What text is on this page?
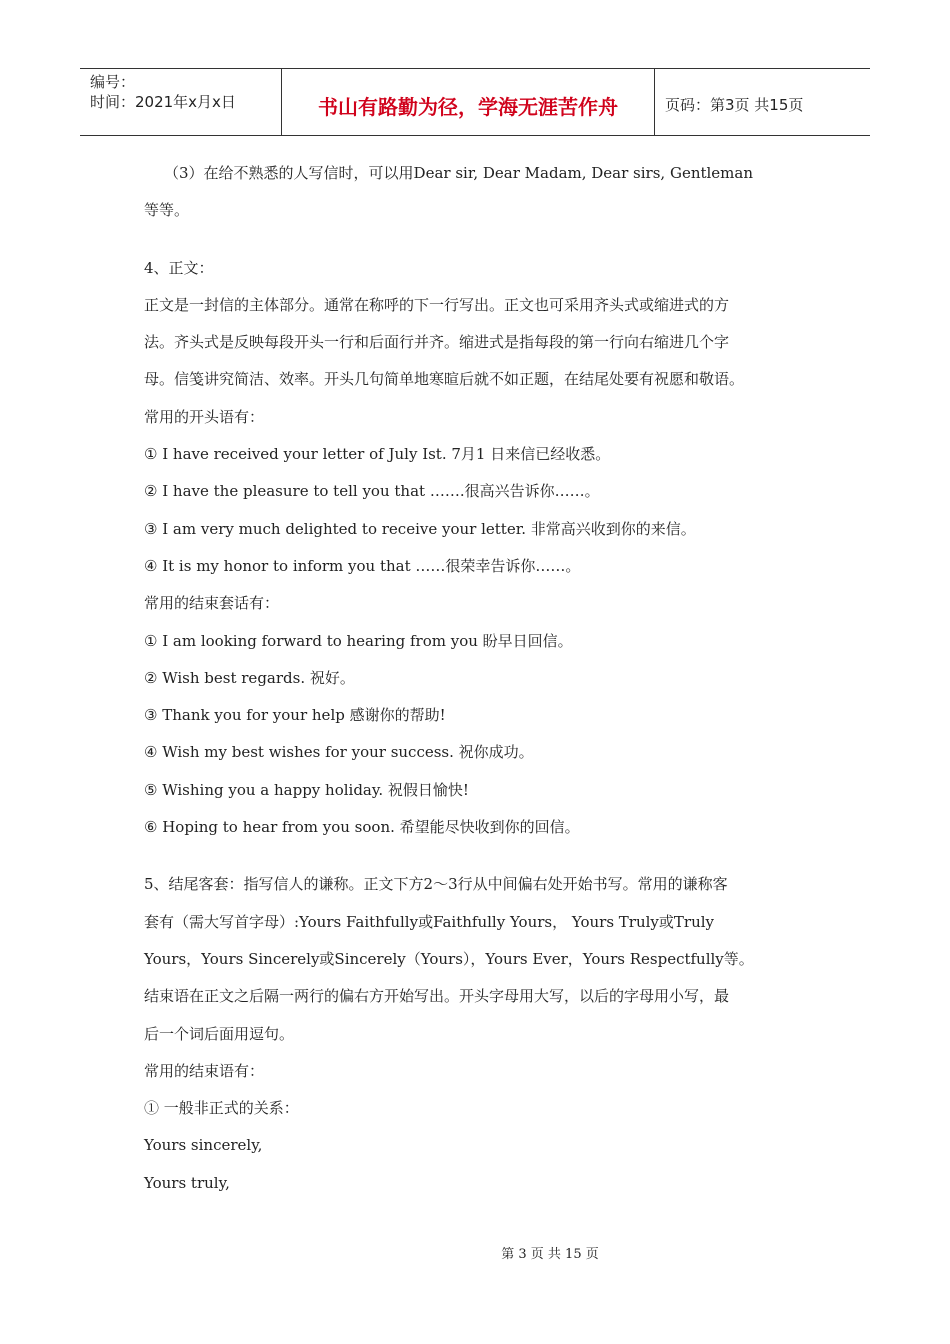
编号：
时间：2021年x月x日	书山有路勤为径，学海无涯苦作舟	页码：第3页 共15页
（3）在给不熟悉的人写信时，可以用Dear sir, Dear Madam, Dear sirs, Gentleman
等等。
4、正文：
正文是一封信的主体部分。通常在称呼的下一行写出。正文也可采用齐头式或缩进式的方
法。齐头式是反映每段开头一行和后面行并齐。缩进式是指每段的第一行向右缩进几个字
母。信笺讲究简洁、效率。开头几句简单地寒暄后就不如正题，在结尾处要有祝愿和敬语。
常用的开头语有：
① I have received your letter of July Ist. 7月1 日来信已经收悉。
② I have the pleasure to tell you that …….很高兴告诉你……。
③ I am very much delighted to receive your letter. 非常高兴收到你的来信。
④ It is my honor to inform you that ……很荣幸告诉你……。
常用的结束套话有：
① I am looking forward to hearing from you 盼早日回信。
② Wish best regards. 祝好。
③ Thank you for your help 感谢你的帮助!
④ Wish my best wishes for your success. 祝你成功。
⑤ Wishing you a happy holiday. 祝假日愉快!
⑥ Hoping to hear from you soon. 希望能尽快收到你的回信。
5、结尾客套：指写信人的谦称。正文下方2～3行从中间偏右处开始书写。常用的谦称客
套有（需大写首字母）:Yours Faithfully或Faithfully Yours， Yours Truly或Truly
Yours，Yours Sincerely或Sincerely（Yours），Yours Ever，Yours Respectfully等。
结束语在正文之后隔一两行的偏右方开始写出。开头字母用大写，以后的字母用小写，最
后一个词后面用逗句。
常用的结束语有：
① 一般非正式的关系：
Yours sincerely,
Yours truly,
第 3 页 共 15 页
